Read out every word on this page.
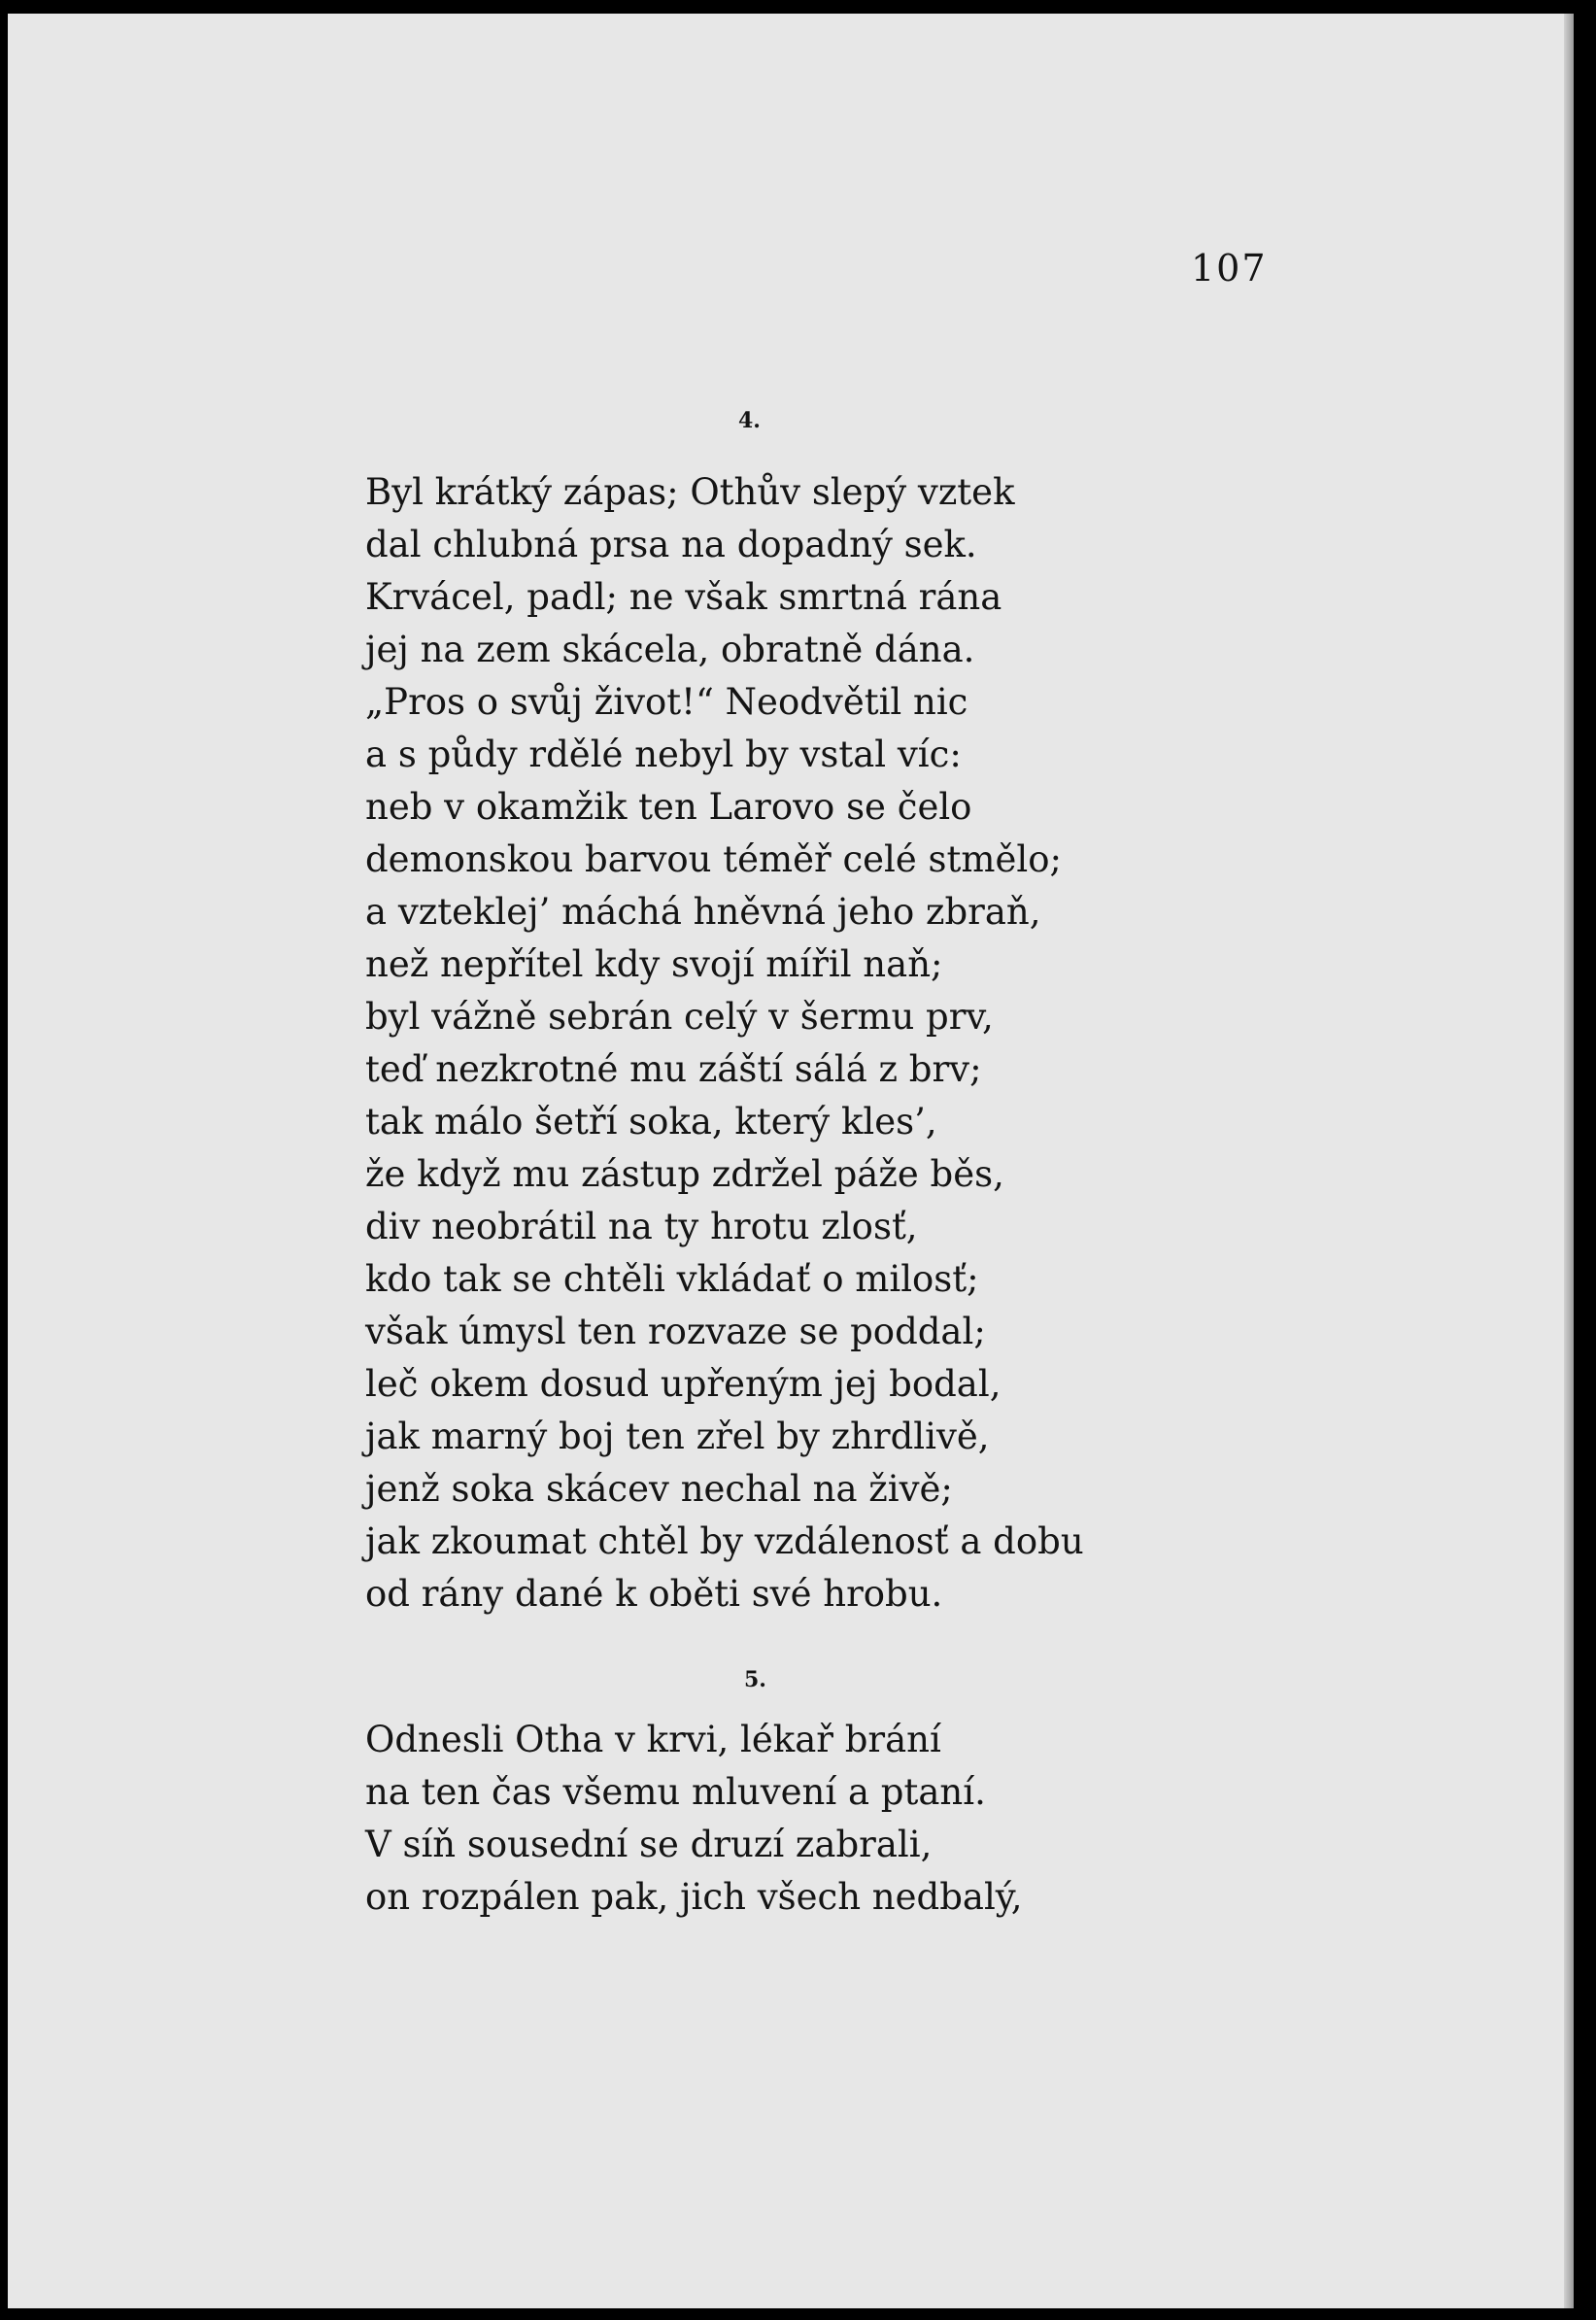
107
4.
Byl krátký zápas; Othův slepý vztek
dal chlubná prsa na dopadný sek.
Krvácel, padl; ne však smrtná rána
jej na zem skácela, obratně dána.
„Pros o svůj život!“ Neodvětil nic
a s půdy rdělé nebyl by vstal víc:
neb v okamžik ten Larovo se čelo
demonskou barvou téměř celé stmělo;
a vzteklej’ máchá hněvná jeho zbraň,
než nepřítel kdy svojí mířil naň;
byl vážně sebrán celý v šermu prv,
teď nezkrotné mu záští sálá z brv;
tak málo šetří soka, který kles’,
že když mu zástup zdržel páže běs,
div neobrátil na ty hrotu zlosť,
kdo tak se chtěli vkládať o milosť;
však úmysl ten rozvaze se poddal;
leč okem dosud upřeným jej bodal,
jak marný boj ten zřel by zhrdlivě,
jenž soka skácev nechal na živě;
jak zkoumat chtěl by vzdálenosť a dobu
od rány dané k oběti své hrobu.
5.
Odnesli Otha v krvi, lékař brání
na ten čas všemu mluvení a ptaní.
V síň sousední se druzí zabrali,
on rozpálen pak, jich všech nedbalý,
